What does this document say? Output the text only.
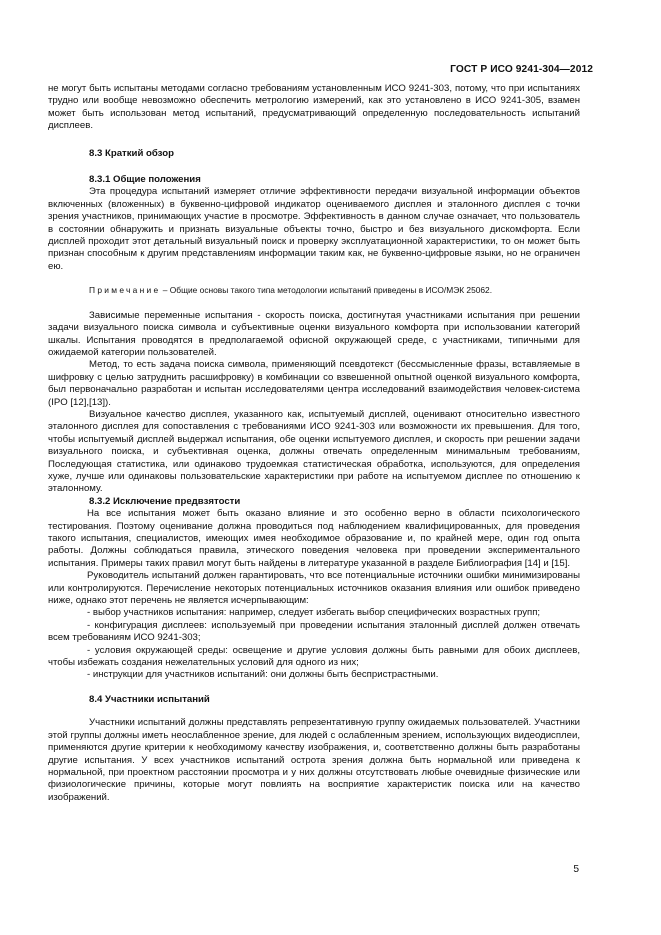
ГОСТ Р ИСО 9241-304—2012

не могут быть испытаны методами согласно требованиям установленным ИСО 9241-303, потому, что при испытаниях трудно или вообще невозможно обеспечить метрологию измерений, как это установлено в ИСО 9241-305, взамен может быть использован метод испытаний, предусматривающий определенную последовательность испытаний дисплеев.

8.3 Краткий обзор

8.3.1 Общие положения

Эта процедура испытаний измеряет отличие эффективности передачи визуальной информации объектов включенных (вложенных) в буквенно-цифровой индикатор оцениваемого дисплея и эталонного дисплея с точки зрения участников, принимающих участие в просмотре. Эффективность в данном случае означает, что пользователь в состоянии обнаружить и признать визуальные объекты точно, быстро и без визуального дискомфорта. Если дисплей проходит этот детальный визуальный поиск и проверку эксплуатационной характеристики, то он может быть признан способным к другим представлениям информации таким как, не буквенно-цифровые языки, но не ограничен ею.

Примечание – Общие основы такого типа методологии испытаний приведены в ИСО/МЭК 25062.

Зависимые переменные испытания - скорость поиска, достигнутая участниками испытания при решении задачи визуального поиска символа и субъективные оценки визуального комфорта при использовании категорий шкалы. Испытания проводятся в предполагаемой офисной окружающей среде, с участниками, типичными для ожидаемой категории пользователей.

Метод, то есть задача поиска символа, применяющий псевдотекст (бессмысленные фразы, вставляемые в шифровку с целью затруднить расшифровку) в комбинации со взвешенной опытной оценкой визуального комфорта, был первоначально разработан и испытан исследователями центра исследований взаимодействия человек-система (IPO [12],[13]).

Визуальное качество дисплея, указанного как, испытуемый дисплей, оценивают относительно известного эталонного дисплея для сопоставления с требованиями ИСО 9241-303 или возможности их превышения. Для того, чтобы испытуемый дисплей выдержал испытания, обе оценки испытуемого дисплея, и скорость при решении задачи визуального поиска, и субъективная оценка, должны отвечать определенным минимальным требованиям, Последующая статистика, или одинаково трудоемкая статистическая обработка, используются, для определения хуже, лучше или одинаковы пользовательские характеристики при работе на испытуемом дисплее по отношению к эталонному.

8.3.2 Исключение предвзятости

На все испытания может быть оказано влияние и это особенно верно в области психологического тестирования. Поэтому оценивание должна проводиться под наблюдением квалифицированных, для проведения такого испытания, специалистов, имеющих имея необходимое образование и, по крайней мере, один год опыта работы. Должны соблюдаться правила, этического поведения человека при проведении экспериментального испытания. Примеры таких правил могут быть найдены в литературе указанной в разделе Библиография [14] и [15].

Руководитель испытаний должен гарантировать, что все потенциальные источники ошибки минимизированы или контролируются. Перечисление некоторых потенциальных источников оказания влияния или ошибок приведено ниже, однако этот перечень не является исчерпывающим:

- выбор участников испытания: например, следует избегать выбор специфических возрастных групп;

- конфигурация дисплеев: используемый при проведении испытания эталонный дисплей должен отвечать всем требованиям ИСО 9241-303;

- условия окружающей среды: освещение и другие условия должны быть равными для обоих дисплеев, чтобы избежать создания нежелательных условий для одного из них;

- инструкции для участников испытаний: они должны быть беспристрастными.

8.4 Участники испытаний

Участники испытаний должны представлять репрезентативную группу ожидаемых пользователей. Участники этой группы должны иметь неослабленное зрение, для людей с ослабленным зрением, использующих видеодисплеи, применяются другие критерии к необходимому качеству изображения, и, соответственно должны быть разработаны другие испытания. У всех участников испытаний острота зрения должна быть нормальной или приведена к нормальной, при проектном расстоянии просмотра и у них должны отсутствовать любые очевидные физические или физиологические причины, которые могут повлиять на восприятие характеристик поиска или на качество изображений.

5
